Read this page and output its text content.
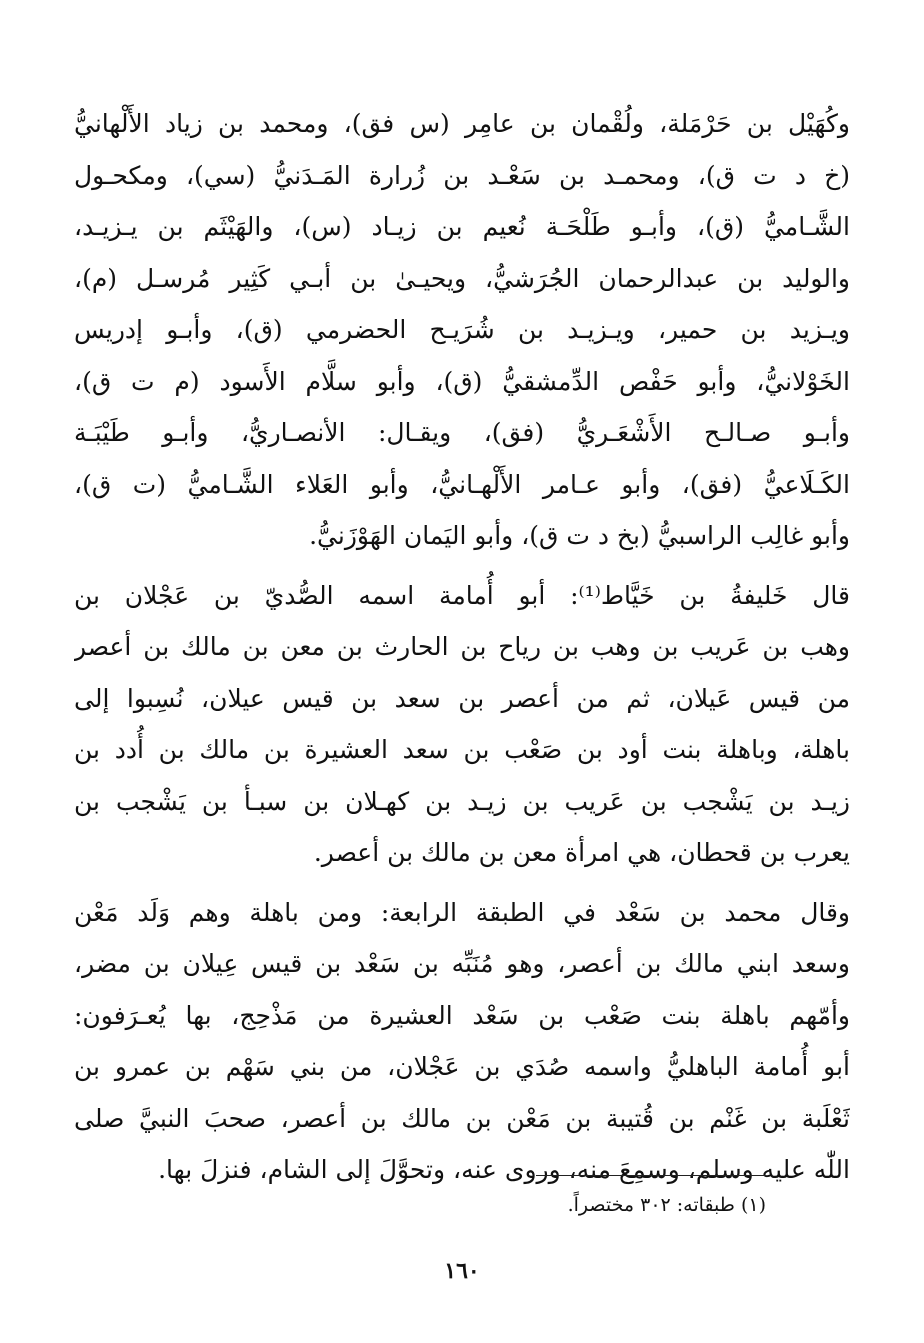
وكُهَيْل بن حَرْمَلة، ولُقْمان بن عامِر (س فق)، ومحمد بن زياد الأَلْهانيُّ
(خ د ت ق)، ومحمـد بن سَعْـد بن زُرارة المَـدَنيُّ (سي)، ومكحـول
الشَّـاميُّ (ق)، وأبـو طَلْحَـة نُعيم بن زيـاد (س)، والهَيْثَم بن يـزيـد،
والوليد بن عبدالرحمان الجُرَشيُّ، ويحيـىٰ بن أبـي كَثِير مُرسـل (م)،
ويـزيد بن حمير، ويـزيـد بن شُرَيـح الحضرمي (ق)، وأبـو إدريس
الخَوْلانيُّ، وأبو حَفْص الدِّمشقيُّ (ق)، وأبو سلَّام الأَسود (م ت ق)،
وأبـو صـالـح الأَشْعَـريُّ (فق)، ويقـال: الأنصـاريُّ، وأبـو طَيْبَـة
الكَـلَاعيُّ (فق)، وأبو عـامر الأَلْهـانيُّ، وأبو العَلاء الشَّـاميُّ (ت ق)،
وأبو غالِب الراسبيُّ (بخ د ت ق)، وأبو اليَمان الهَوْزَنيُّ.

قال خَليفةُ بن خَيَّاط⁽¹⁾: أبو أُمامة اسمه الصُّديّ بن عَجْلان بن
وهب بن عَريب بن وهب بن رياح بن الحارث بن معن بن مالك بن أعصر
من قيس عَيلان، ثم من أعصر بن سعد بن قيس عيلان، نُسِبوا إلى
باهلة، وباهلة بنت أود بن صَعْب بن سعد العشيرة بن مالك بن أُدد بن
زيـد بن يَشْجب بن عَريب بن زيـد بن كهـلان بن سبـأ بن يَشْجب بن
يعرب بن قحطان، هي امرأة معن بن مالك بن أعصر.

وقال محمد بن سَعْد في الطبقة الرابعة: ومن باهلة وهم وَلَد مَعْن
وسعد ابني مالك بن أعصر، وهو مُنَبِّه بن سَعْد بن قيس عِيلان بن مضر،
وأمّهم باهلة بنت صَعْب بن سَعْد العشيرة من مَذْحِج، بها يُعـرَفون:
أبو أُمامة الباهليُّ واسمه صُدَي بن عَجْلان، من بني سَهْم بن عمرو بن
ثَعْلَبة بن غَنْم بن قُتيبة بن مَعْن بن مالك بن أعصر، صحبَ النبيَّ صلى
اللّٰه عليه وسلم، وسمِعَ منه، وروى عنه، وتحوَّلَ إلى الشام، فنزلَ بها.

(١) طبقاته: ٣٠٢ مختصراً.
١٦٠
